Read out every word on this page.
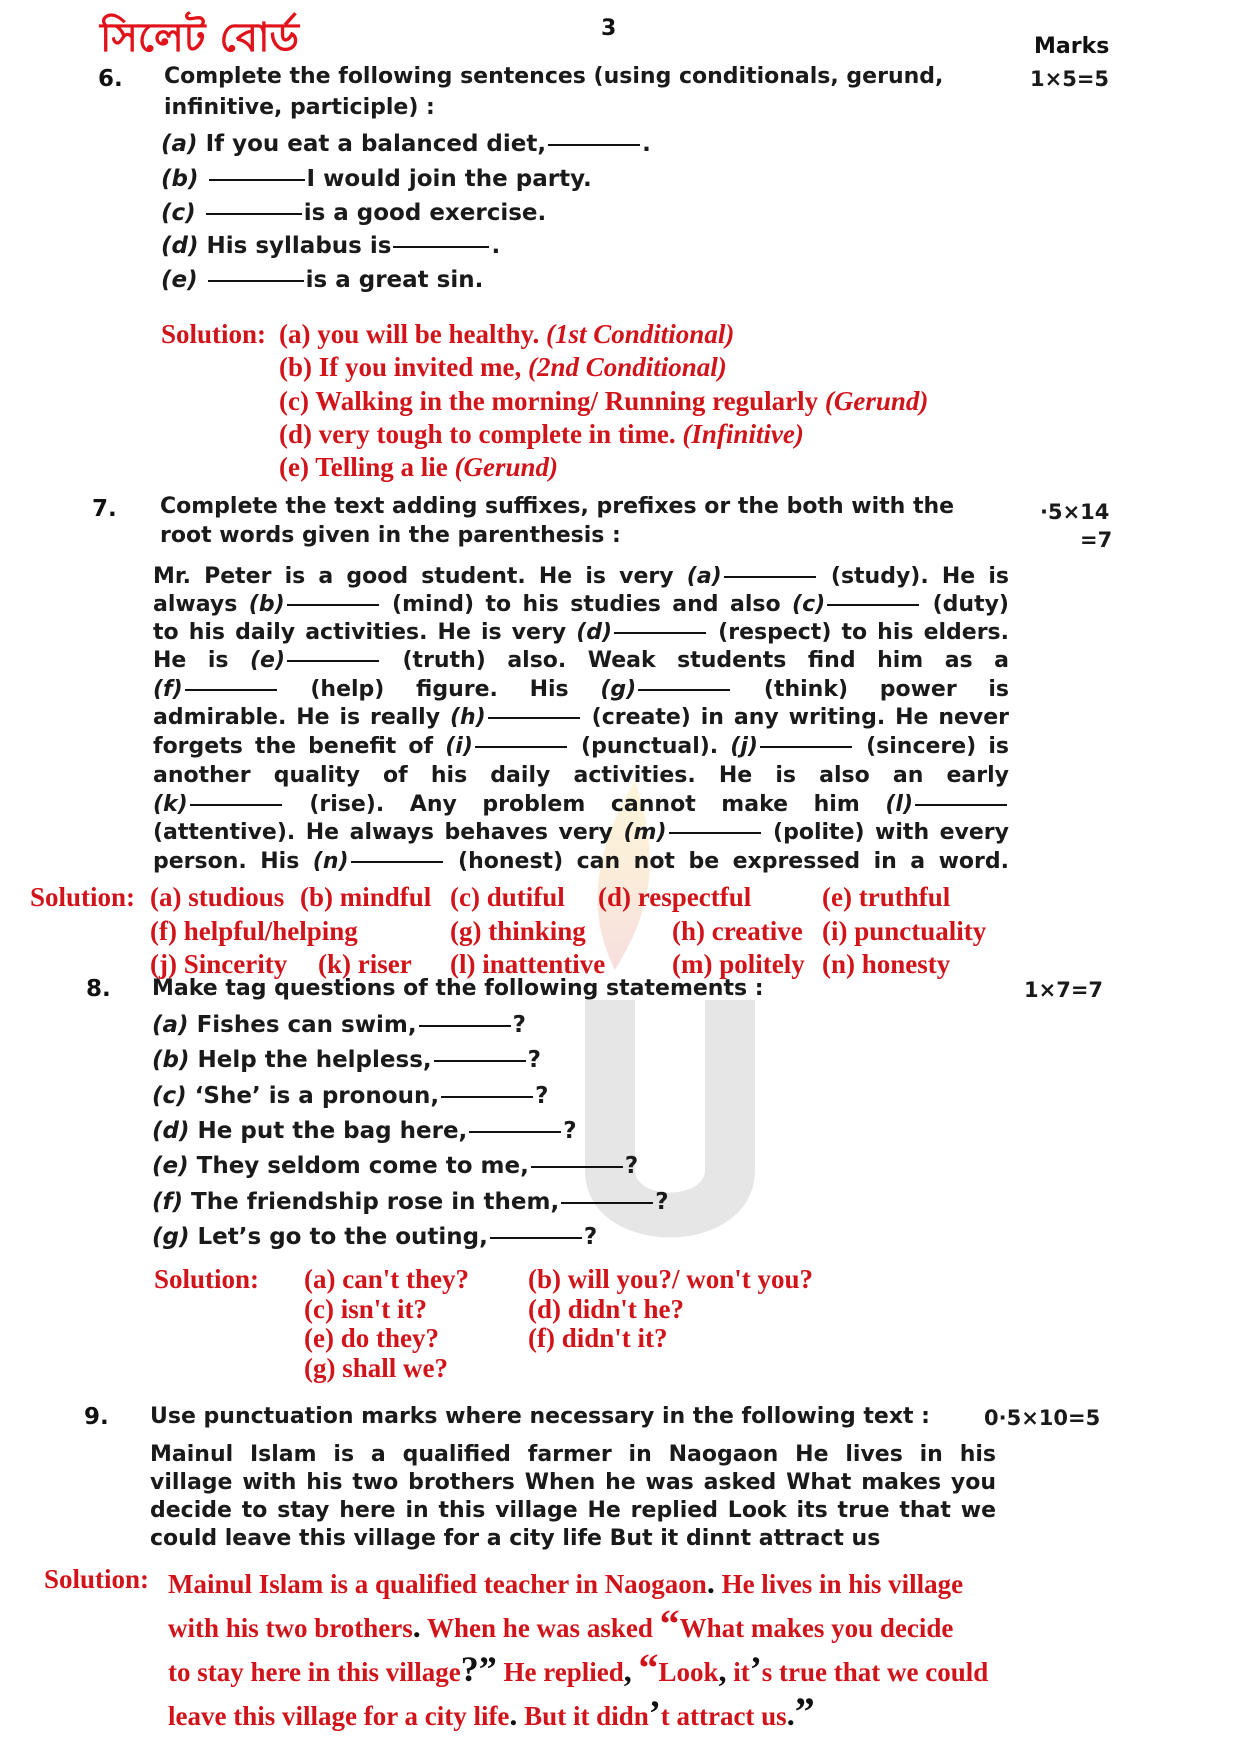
সিলেট বোর্ড	3
Marks
6. Complete the following sentences (using conditionals, gerund,
infinitive, participle) :
1×5=5
(a) If you eat a balanced diet,	.
(b)	I would join the party.
(c)	is a good exercise.
(d) His syllabus is	.
(e)	is a great sin.
Solution: (a) you will be healthy. (1st Conditional)
(b) If you invited me, (2nd Conditional)
(c) Walking in the morning/ Running regularly (Gerund)
(d) very tough to complete in time. (Infinitive)
(e) Telling a lie (Gerund)
7. Complete the text adding suffixes, prefixes or the both with the
root words given in the parenthesis :
·5×14
=7
Mr. Peter is a good student. He is very (a)	(study). He is
always (b)	(mind) to his studies and also (c)	(duty)
to his daily activities. He is very (d)	(respect) to his elders.
He is (e)	(truth) also. Weak students find him as a
(f)	(help) figure. His (g)	(think) power is
admirable. He is really (h)	(create) in any writing. He never
forgets the benefit of (i)	(punctual). (j)	(sincere) is
another quality of his daily activities. He is also an early
(k)	(rise). Any problem cannot make him (l)
(attentive). He always behaves very (m)	(polite) with every
person. His (n)	(honest) can not be expressed in a word.
Solution: (a) studious (b) mindful (c) dutiful (d) respectful	(e) truthful
(f) helpful/helping	(g) thinking	(h) creative (i) punctuality
(j) Sincerity (k) riser (l) inattentive (m) politely (n) honesty
8. Make tag questions of the following statements :	1×7=7
(a) Fishes can swim,	?
(b) Help the helpless,	?
(c) ‘She’ is a pronoun,	?
(d) He put the bag here,	?
(e) They seldom come to me,	?
(f) The friendship rose in them,	?
(g) Let’s go to the outing,	?
Solution: (a) can't they? (b) will you?/ won't you?
(c) isn't it?	(d) didn't he?
(e) do they?	(f) didn't it?
(g) shall we?
9. Use punctuation marks where necessary in the following text :	0·5×10=5
Mainul Islam is a qualified farmer in Naogaon He lives in his
village with his two brothers When he was asked What makes you
decide to stay here in this village He replied Look its true that we
could leave this village for a city life But it dinnt attract us
Solution: Mainul Islam is a qualified teacher in Naogaon. He lives in his village
with his two brothers. When he was asked “What makes you decide
to stay here in this village?” He replied, “Look, it’s true that we could
leave this village for a city life. But it didn’t attract us.”
